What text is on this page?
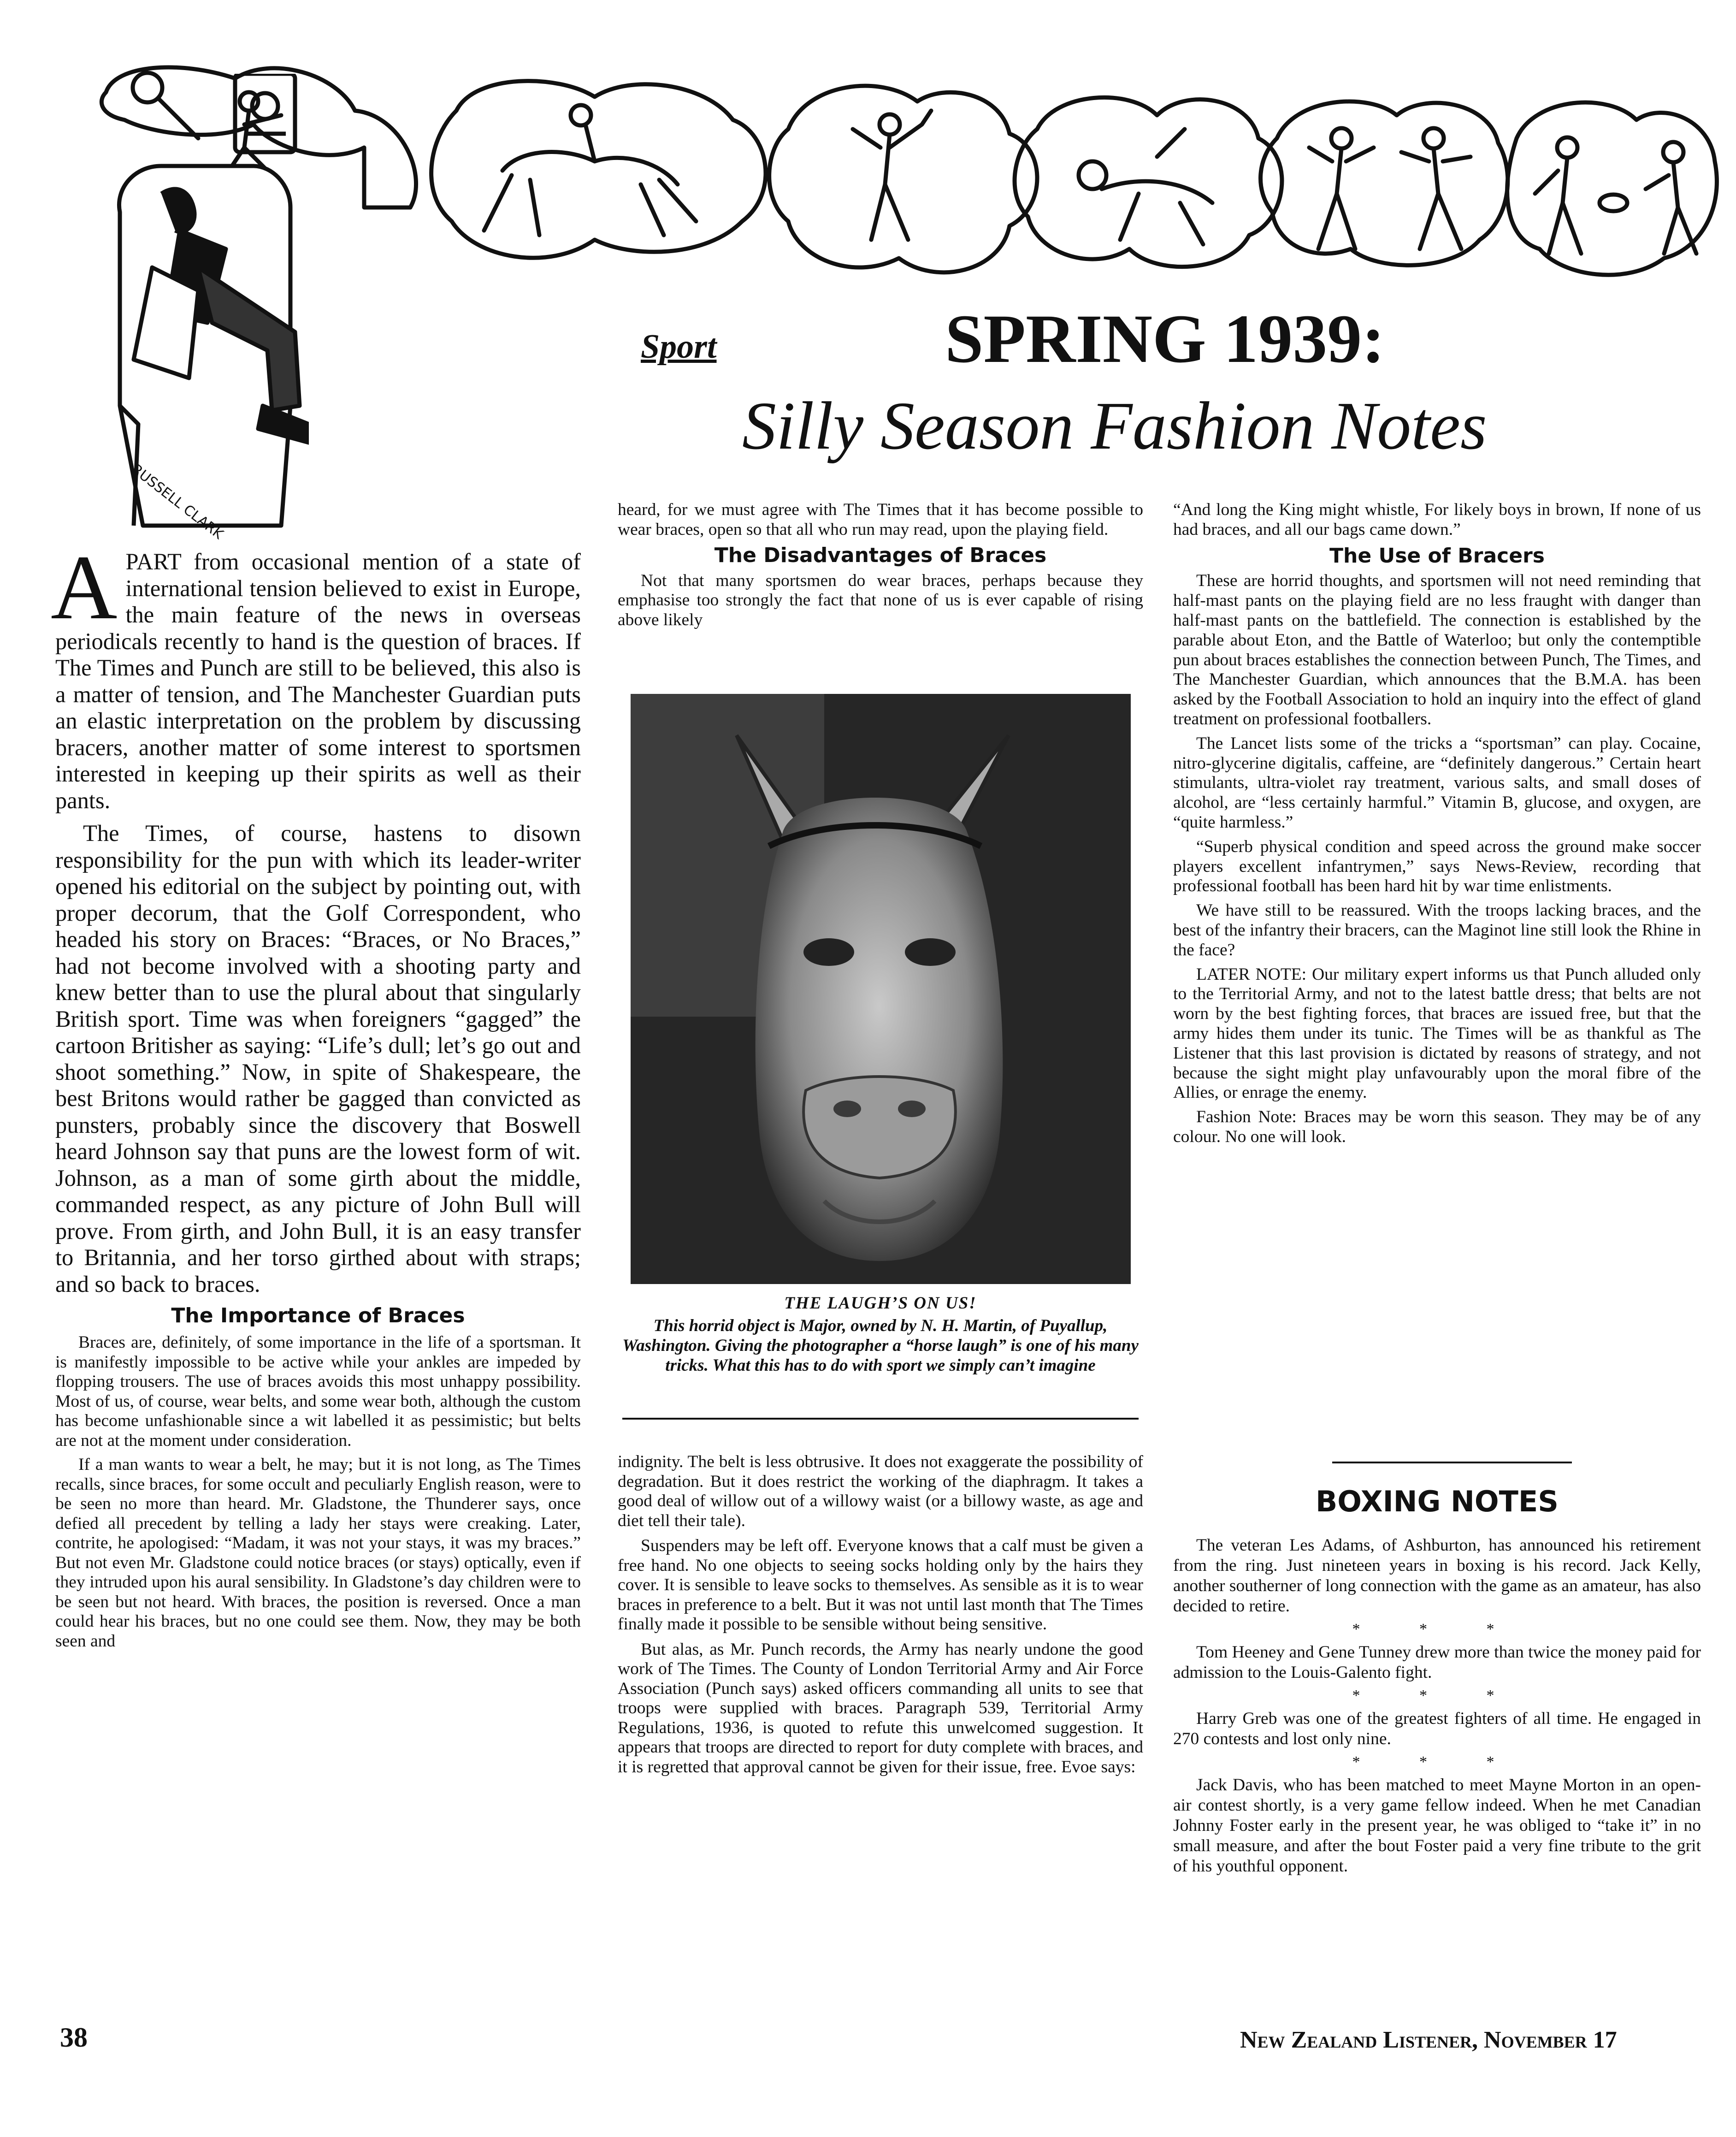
RUSSELL CLARK
Sport	SPRING 1939:
Silly Season Fashion Notes

APART from occasional mention of a state of international tension believed to exist in Europe, the main feature of the news in overseas periodicals recently to hand is the question of braces. If The Times and Punch are still to be believed, this also is a matter of tension, and The Manchester Guardian puts an elastic interpretation on the problem by discussing bracers, another matter of some interest to sportsmen interested in keeping up their spirits as well as their pants.

The Times, of course, hastens to disown responsibility for the pun with which its leader-writer opened his editorial on the subject by pointing out, with proper decorum, that the Golf Correspondent, who headed his story on Braces: “Braces, or No Braces,” had not become involved with a shooting party and knew better than to use the plural about that singularly British sport. Time was when foreigners “gagged” the cartoon Britisher as saying: “Life’s dull; let’s go out and shoot something.” Now, in spite of Shakespeare, the best Britons would rather be gagged than convicted as punsters, probably since the discovery that Boswell heard Johnson say that puns are the lowest form of wit. Johnson, as a man of some girth about the middle, commanded respect, as any picture of John Bull will prove. From girth, and John Bull, it is an easy transfer to Britannia, and her torso girthed about with straps; and so back to braces.

The Importance of Braces

Braces are, definitely, of some importance in the life of a sportsman. It is manifestly impossible to be active while your ankles are impeded by flopping trousers. The use of braces avoids this most unhappy possibility. Most of us, of course, wear belts, and some wear both, although the custom has become unfashionable since a wit labelled it as pessimistic; but belts are not at the moment under consideration.

If a man wants to wear a belt, he may; but it is not long, as The Times recalls, since braces, for some occult and peculiarly English reason, were to be seen no more than heard. Mr. Gladstone, the Thunderer says, once defied all precedent by telling a lady her stays were creaking. Later, contrite, he apologised: “Madam, it was not your stays, it was my braces.” But not even Mr. Gladstone could notice braces (or stays) optically, even if they intruded upon his aural sensibility. In Gladstone’s day children were to be seen but not heard. With braces, the position is reversed. Once a man could hear his braces, but no one could see them. Now, they may be both seen and

heard, for we must agree with The Times that it has become possible to wear braces, open so that all who run may read, upon the playing field.

The Disadvantages of Braces

Not that many sportsmen do wear braces, perhaps because they emphasise too strongly the fact that none of us is ever capable of rising above likely

THE LAUGH’S ON US!
This horrid object is Major, owned by N. H. Martin, of Puyallup, Washington. Giving the photographer a “horse laugh” is one of his many tricks. What this has to do with sport we simply can’t imagine

indignity. The belt is less obtrusive. It does not exaggerate the possibility of degradation. But it does restrict the working of the diaphragm. It takes a good deal of willow out of a willowy waist (or a billowy waste, as age and diet tell their tale).

Suspenders may be left off. Everyone knows that a calf must be given a free hand. No one objects to seeing socks holding only by the hairs they cover. It is sensible to leave socks to themselves. As sensible as it is to wear braces in preference to a belt. But it was not until last month that The Times finally made it possible to be sensible without being sensitive.

But alas, as Mr. Punch records, the Army has nearly undone the good work of The Times. The County of London Territorial Army and Air Force Association (Punch says) asked officers commanding all units to see that troops were supplied with braces. Paragraph 539, Territorial Army Regulations, 1936, is quoted to refute this unwelcomed suggestion. It appears that troops are directed to report for duty complete with braces, and it is regretted that approval cannot be given for their issue, free. Evoe says:

“And long the King might whistle, For likely boys in brown, If none of us had braces, and all our bags came down.”

The Use of Bracers

These are horrid thoughts, and sportsmen will not need reminding that half-mast pants on the playing field are no less fraught with danger than half-mast pants on the battlefield. The connection is established by the parable about Eton, and the Battle of Waterloo; but only the contemptible pun about braces establishes the connection between Punch, The Times, and The Manchester Guardian, which announces that the B.M.A. has been asked by the Football Association to hold an inquiry into the effect of gland treatment on professional footballers.

The Lancet lists some of the tricks a “sportsman” can play. Cocaine, nitro-glycerine digitalis, caffeine, are “definitely dangerous.” Certain heart stimulants, ultra-violet ray treatment, various salts, and small doses of alcohol, are “less certainly harmful.” Vitamin B, glucose, and oxygen, are “quite harmless.”

“Superb physical condition and speed across the ground make soccer players excellent infantrymen,” says News-Review, recording that professional football has been hard hit by war time enlistments.

We have still to be reassured. With the troops lacking braces, and the best of the infantry their bracers, can the Maginot line still look the Rhine in the face?

LATER NOTE: Our military expert informs us that Punch alluded only to the Territorial Army, and not to the latest battle dress; that belts are not worn by the best fighting forces, that braces are issued free, but that the army hides them under its tunic. The Times will be as thankful as The Listener that this last provision is dictated by reasons of strategy, and not because the sight might play unfavourably upon the moral fibre of the Allies, or enrage the enemy.

Fashion Note: Braces may be worn this season. They may be of any colour. No one will look.

BOXING NOTES

The veteran Les Adams, of Ashburton, has announced his retirement from the ring. Just nineteen years in boxing is his record. Jack Kelly, another southerner of long connection with the game as an amateur, has also decided to retire.

* * *

Tom Heeney and Gene Tunney drew more than twice the money paid for admission to the Louis-Galento fight.

* * *

Harry Greb was one of the greatest fighters of all time. He engaged in 270 contests and lost only nine.

* * *

Jack Davis, who has been matched to meet Mayne Morton in an open-air contest shortly, is a very game fellow indeed. When he met Canadian Johnny Foster early in the present year, he was obliged to “take it” in no small measure, and after the bout Foster paid a very fine tribute to the grit of his youthful opponent.

38	New Zealand Listener, November 17
